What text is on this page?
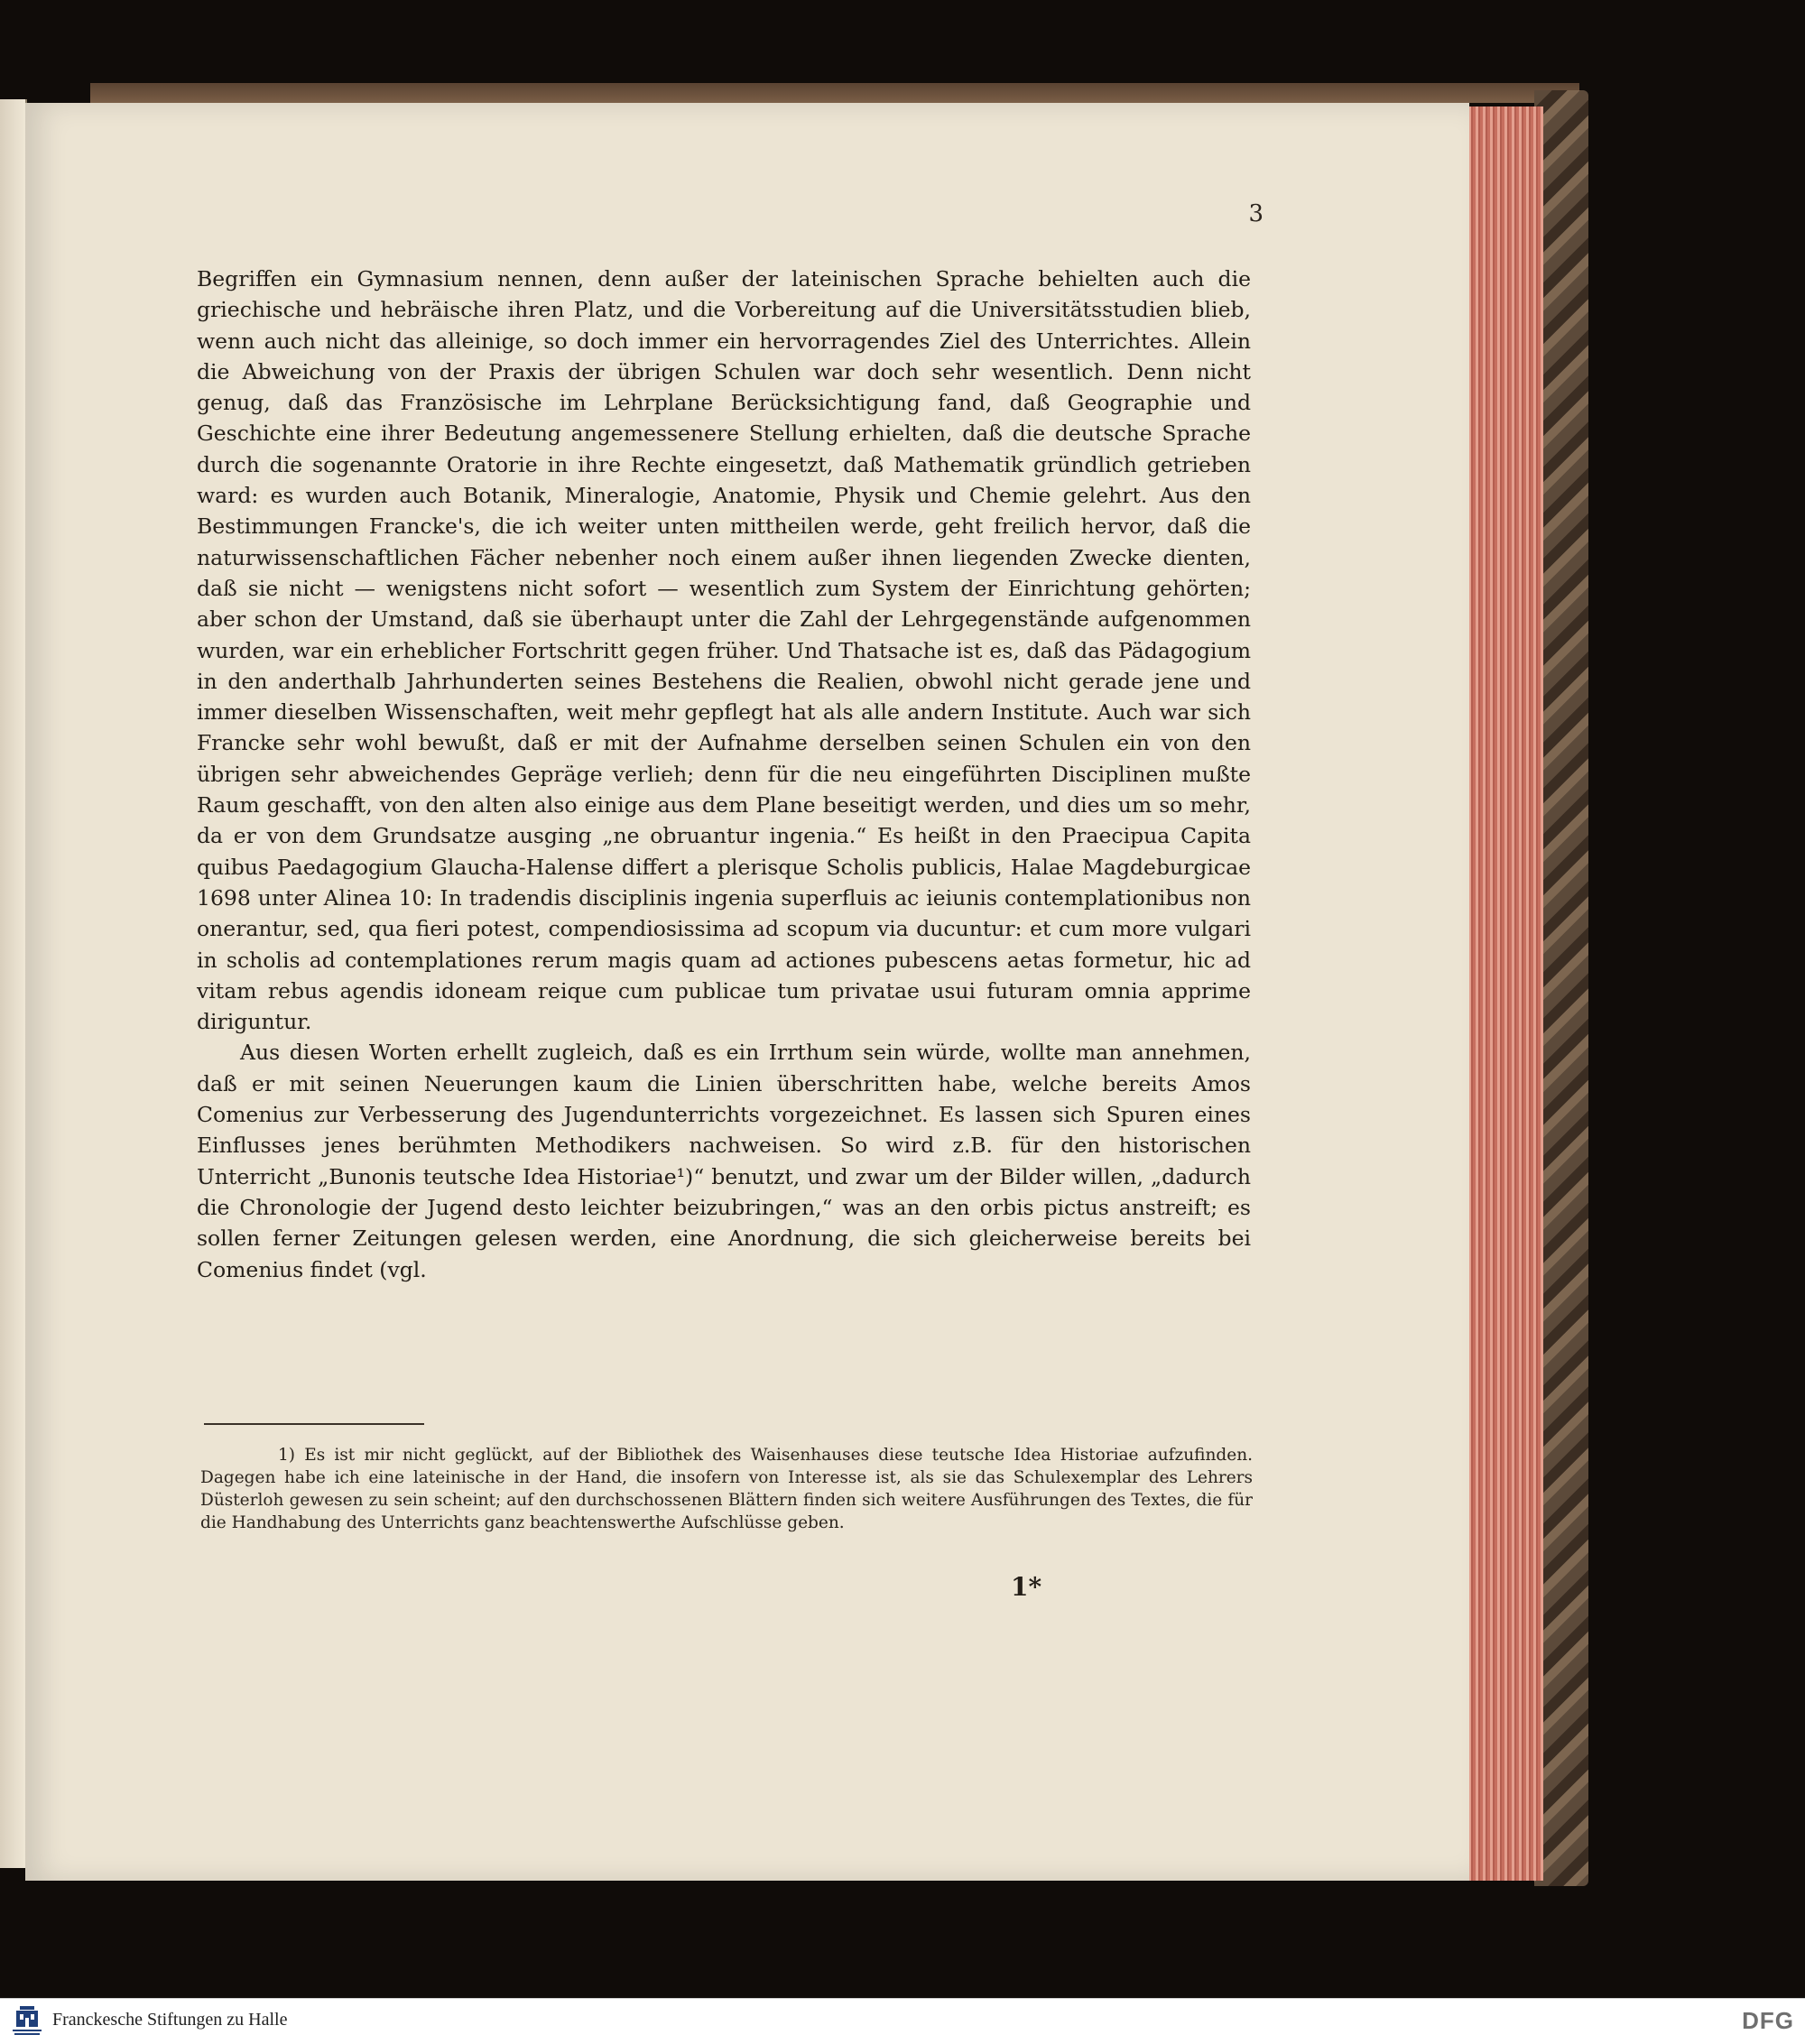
3

Begriffen ein Gymnasium nennen, denn außer der lateinischen Sprache behielten auch die griechische und hebräische ihren Platz, und die Vorbereitung auf die Universitätsstudien blieb, wenn auch nicht das alleinige, so doch immer ein hervorragendes Ziel des Unterrichtes. Allein die Abweichung von der Praxis der übrigen Schulen war doch sehr wesentlich. Denn nicht genug, daß das Französische im Lehrplane Berücksichtigung fand, daß Geographie und Geschichte eine ihrer Bedeutung angemessenere Stellung erhielten, daß die deutsche Sprache durch die sogenannte Oratorie in ihre Rechte eingesetzt, daß Mathematik gründlich getrieben ward: es wurden auch Botanik, Mineralogie, Anatomie, Physik und Chemie gelehrt. Aus den Bestimmungen Francke's, die ich weiter unten mittheilen werde, geht freilich hervor, daß die naturwissenschaftlichen Fächer nebenher noch einem außer ihnen liegenden Zwecke dienten, daß sie nicht — wenigstens nicht sofort — wesentlich zum System der Einrichtung gehörten; aber schon der Umstand, daß sie überhaupt unter die Zahl der Lehrgegenstände aufgenommen wurden, war ein erheblicher Fortschritt gegen früher. Und Thatsache ist es, daß das Pädagogium in den anderthalb Jahrhunderten seines Bestehens die Realien, obwohl nicht gerade jene und immer dieselben Wissenschaften, weit mehr gepflegt hat als alle andern Institute. Auch war sich Francke sehr wohl bewußt, daß er mit der Aufnahme derselben seinen Schulen ein von den übrigen sehr abweichendes Gepräge verlieh; denn für die neu eingeführten Disciplinen mußte Raum geschafft, von den alten also einige aus dem Plane beseitigt werden, und dies um so mehr, da er von dem Grundsatze ausging „ne obruantur ingenia.“ Es heißt in den Praecipua Capita quibus Paedagogium Glaucha-Halense differt a plerisque Scholis publicis, Halae Magdeburgicae 1698 unter Alinea 10: In tradendis disciplinis ingenia superfluis ac ieiunis contemplationibus non onerantur, sed, qua fieri potest, compendiosissima ad scopum via ducuntur: et cum more vulgari in scholis ad contemplationes rerum magis quam ad actiones pubescens aetas formetur, hic ad vitam rebus agendis idoneam reique cum publicae tum privatae usui futuram omnia apprime diriguntur.

Aus diesen Worten erhellt zugleich, daß es ein Irrthum sein würde, wollte man annehmen, daß er mit seinen Neuerungen kaum die Linien überschritten habe, welche bereits Amos Comenius zur Verbesserung des Jugendunterrichts vorgezeichnet. Es lassen sich Spuren eines Einflusses jenes berühmten Methodikers nachweisen. So wird z.B. für den historischen Unterricht „Bunonis teutsche Idea Historiae¹)“ benutzt, und zwar um der Bilder willen, „dadurch die Chronologie der Jugend desto leichter beizubringen,“ was an den orbis pictus anstreift; es sollen ferner Zeitungen gelesen werden, eine Anordnung, die sich gleicherweise bereits bei Comenius findet (vgl.

1) Es ist mir nicht geglückt, auf der Bibliothek des Waisenhauses diese teutsche Idea Historiae aufzufinden. Dagegen habe ich eine lateinische in der Hand, die insofern von Interesse ist, als sie das Schulexemplar des Lehrers Düsterloh gewesen zu sein scheint; auf den durchschossenen Blättern finden sich weitere Ausführungen des Textes, die für die Handhabung des Unterrichts ganz beachtenswerthe Aufschlüsse geben.

1*
Franckesche Stiftungen zu Halle	DFG
